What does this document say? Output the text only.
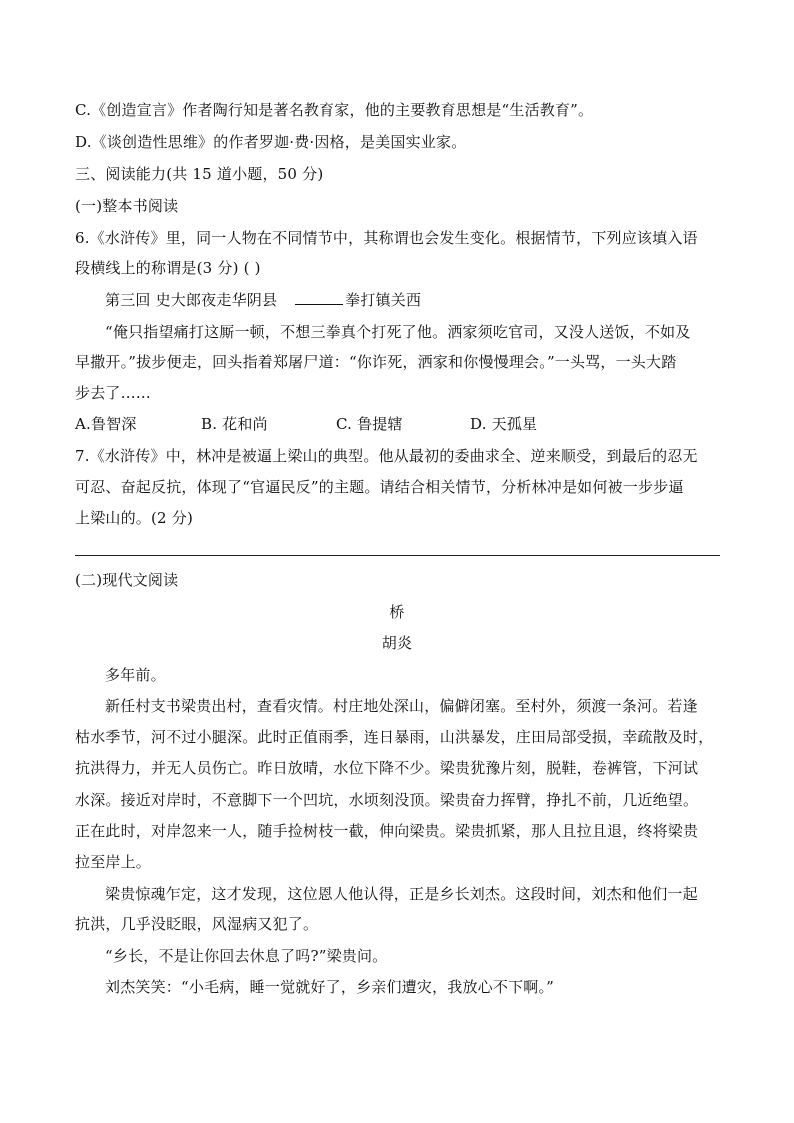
C.《创造宣言》作者陶行知是著名教育家，他的主要教育思想是“生活教育”。
D.《谈创造性思维》的作者罗迦·费·因格，是美国实业家。
三、阅读能力(共 15 道小题，50 分)
(一)整本书阅读
6.《水浒传》里，同一人物在不同情节中，其称谓也会发生变化。根据情节，下列应该填入语
段横线上的称谓是(3 分) ( )
第三回 史大郎夜走华阴县	拳打镇关西
“俺只指望痛打这厮一顿，不想三拳真个打死了他。洒家须吃官司，又没人送饭，不如及
早撒开。”拔步便走，回头指着郑屠尸道：“你诈死，洒家和你慢慢理会。”一头骂，一头大踏
步去了……
A.鲁智深	B. 花和尚	C. 鲁提辖	D. 天孤星
7.《水浒传》中，林冲是被逼上梁山的典型。他从最初的委曲求全、逆来顺受，到最后的忍无
可忍、奋起反抗，体现了“官逼民反”的主题。请结合相关情节，分析林冲是如何被一步步逼
上梁山的。(2 分)
(二)现代文阅读
桥
胡炎
多年前。
新任村支书梁贵出村，查看灾情。村庄地处深山，偏僻闭塞。至村外，须渡一条河。若逢
枯水季节，河不过小腿深。此时正值雨季，连日暴雨，山洪暴发，庄田局部受损，幸疏散及时，
抗洪得力，并无人员伤亡。昨日放晴，水位下降不少。梁贵犹豫片刻，脱鞋，卷裤管，下河试
水深。接近对岸时，不意脚下一个凹坑，水顷刻没顶。梁贵奋力挥臂，挣扎不前，几近绝望。
正在此时，对岸忽来一人，随手捡树枝一截，伸向梁贵。梁贵抓紧，那人且拉且退，终将梁贵
拉至岸上。
梁贵惊魂乍定，这才发现，这位恩人他认得，正是乡长刘杰。这段时间，刘杰和他们一起
抗洪，几乎没眨眼，风湿病又犯了。
“乡长，不是让你回去休息了吗?”梁贵问。
刘杰笑笑：“小毛病，睡一觉就好了，乡亲们遭灾，我放心不下啊。”
